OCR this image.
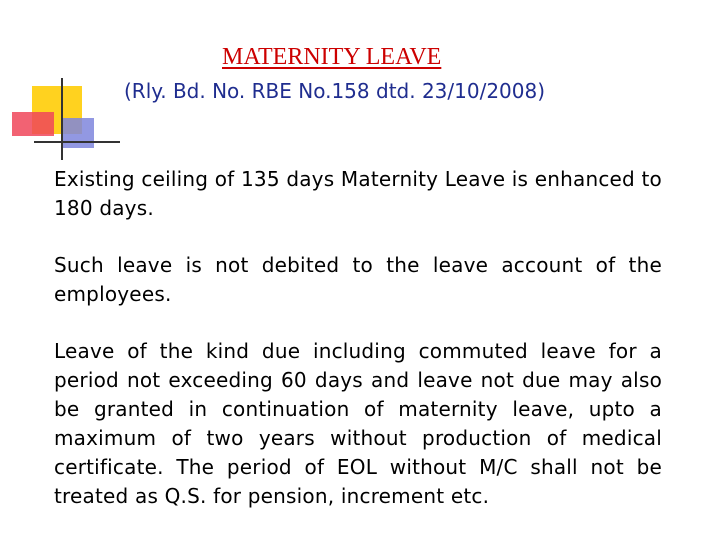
MATERNITY LEAVE

(Rly. Bd. No. RBE No.158 dtd. 23/10/2008)

Existing ceiling of 135 days Maternity Leave is enhanced to 180 days.

Such leave is not debited to the leave account of the employees.

Leave of the kind due including commuted leave for a period not exceeding 60 days and leave not due may also be granted in continuation of maternity leave, upto a maximum of two years without production of medical certificate. The period of EOL without M/C shall not be treated as Q.S. for pension, increment etc.
